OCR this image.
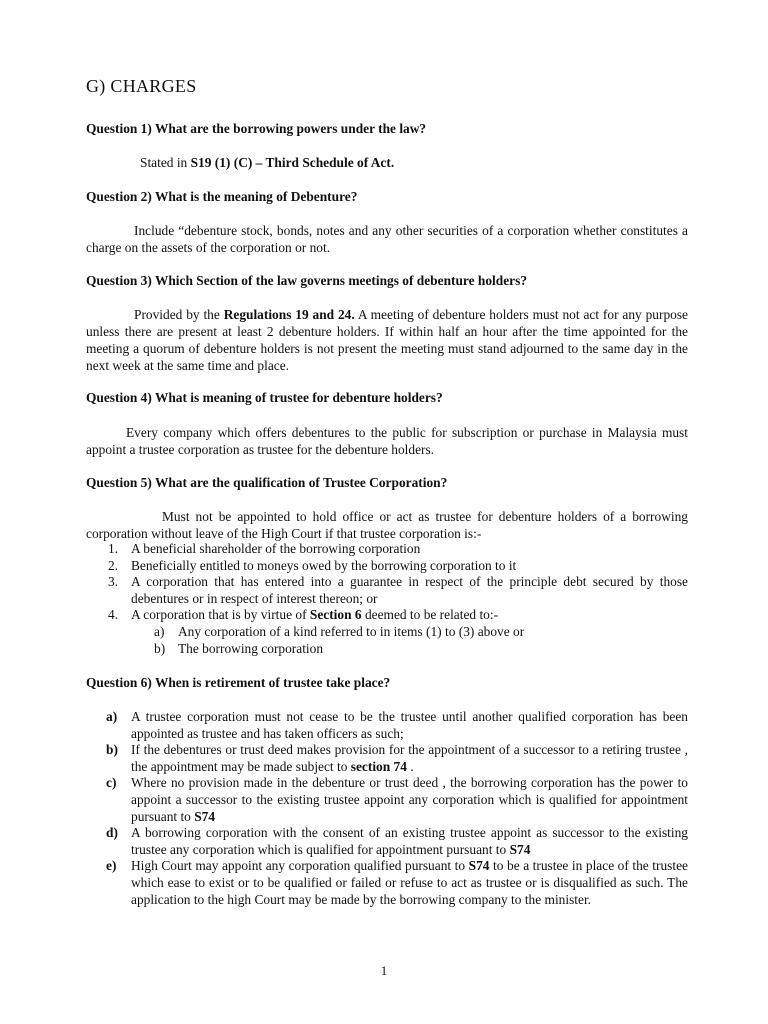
G) CHARGES
Question 1) What are the borrowing powers under the law?
Stated in S19 (1) (C) – Third Schedule of Act.
Question 2) What is the meaning of Debenture?
Include “debenture stock, bonds, notes and any other securities of a corporation whether constitutes a charge on the assets of the corporation or not.
Question 3) Which Section of the law governs meetings of debenture holders?
Provided by the Regulations 19 and 24. A meeting of debenture holders must not act for any purpose unless there are present at least 2 debenture holders. If within half an hour after the time appointed for the meeting a quorum of debenture holders is not present the meeting must stand adjourned to the same day in the next week at the same time and place.
Question 4) What is meaning of trustee for debenture holders?
Every company which offers debentures to the public for subscription or purchase in Malaysia must appoint a trustee corporation as trustee for the debenture holders.
Question 5) What are the qualification of Trustee Corporation?
Must not be appointed to hold office or act as trustee for debenture holders of a borrowing corporation without leave of the High Court if that trustee corporation is:-
1. A beneficial shareholder of the borrowing corporation
2. Beneficially entitled to moneys owed by the borrowing corporation to it
3. A corporation that has entered into a guarantee in respect of the principle debt secured by those debentures or in respect of interest thereon; or
4. A corporation that is by virtue of Section 6 deemed to be related to:-
a) Any corporation of a kind referred to in items (1) to (3) above or
b) The borrowing corporation
Question 6) When is retirement of trustee take place?
a) A trustee corporation must not cease to be the trustee until another qualified corporation has been appointed as trustee and has taken officers as such;
b) If the debentures or trust deed makes provision for the appointment of a successor to a retiring trustee , the appointment may be made subject to section 74 .
c) Where no provision made in the debenture or trust deed , the borrowing corporation has the power to appoint a successor to the existing trustee appoint any corporation which is qualified for appointment pursuant to S74
d) A borrowing corporation with the consent of an existing trustee appoint as successor to the existing trustee any corporation which is qualified for appointment pursuant to S74
e) High Court may appoint any corporation qualified pursuant to S74 to be a trustee in place of the trustee which ease to exist or to be qualified or failed or refuse to act as trustee or is disqualified as such. The application to the high Court may be made by the borrowing company to the minister.
1
